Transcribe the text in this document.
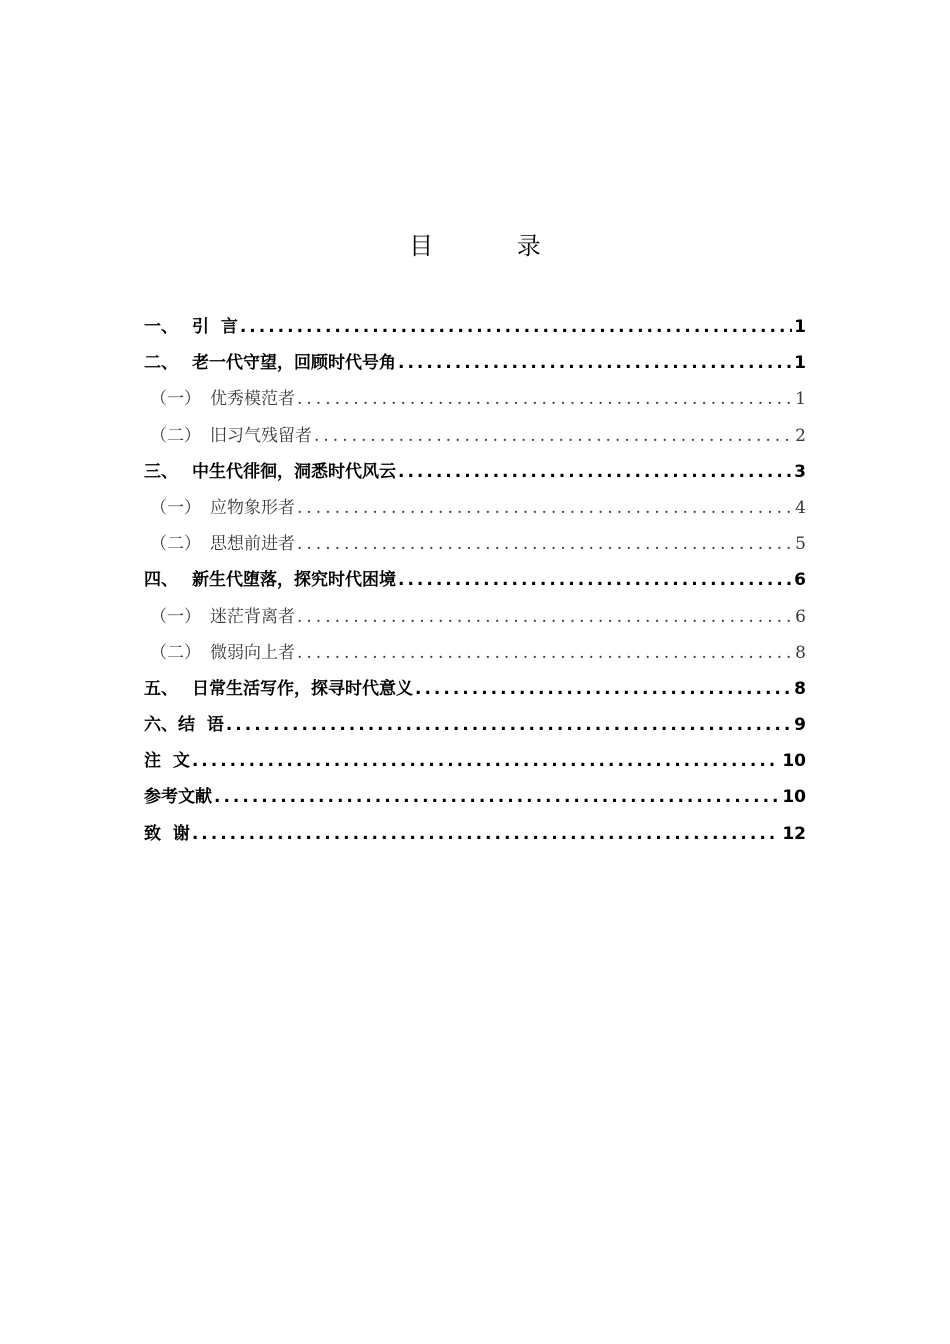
目 录
一、 引  言 .....	1
二、 老一代守望，回顾时代号角 .....	1
（一） 优秀模范者 .....	1
（二） 旧习气残留者 .....	2
三、 中生代徘徊，洞悉时代风云 .....	3
（一） 应物象形者 .....	4
（二） 思想前进者 .....	5
四、 新生代堕落，探究时代困境 .....	6
（一） 迷茫背离者 .....	6
（二） 微弱向上者 .....	8
五、 日常生活写作，探寻时代意义 .....	8
六、结  语 .....	9
注  文 .....	10
参考文献 .....	10
致  谢 .....	12
